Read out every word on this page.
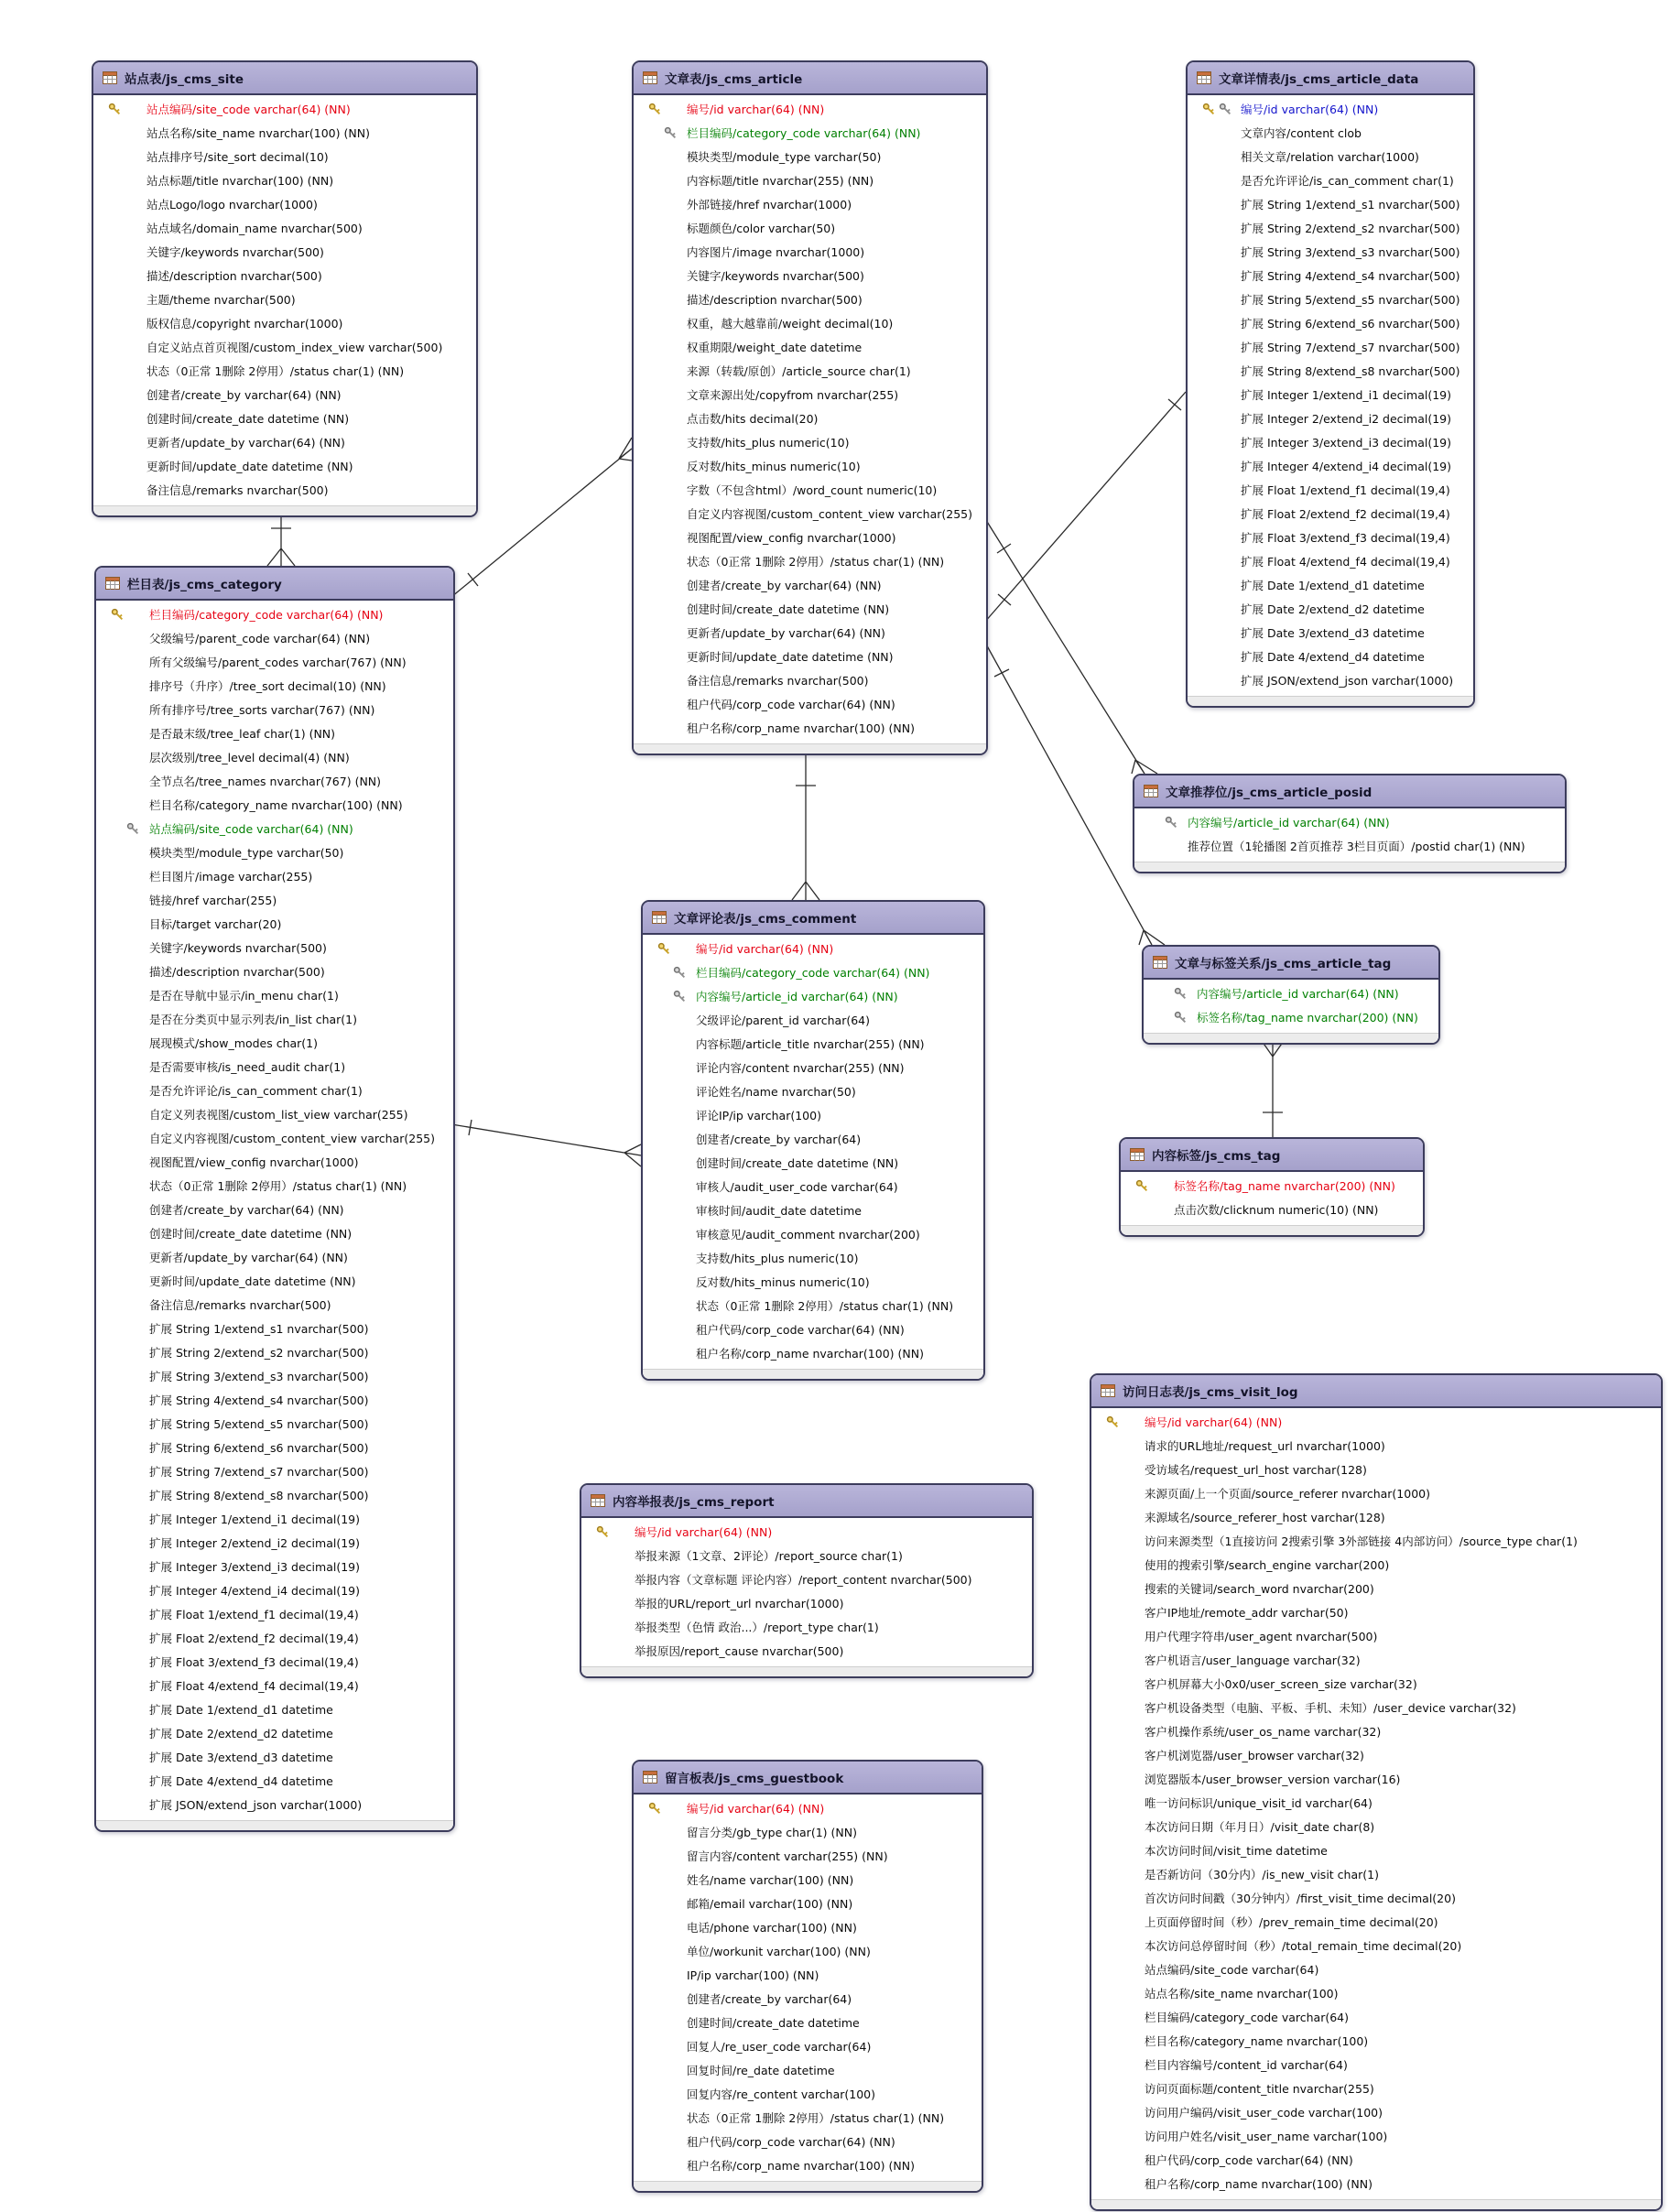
站点表/js_cms_site
站点编码/site_code varchar(64) (NN)
站点名称/site_name nvarchar(100) (NN)
站点排序号/site_sort decimal(10)
站点标题/title nvarchar(100) (NN)
站点Logo/logo nvarchar(1000)
站点域名/domain_name nvarchar(500)
关键字/keywords nvarchar(500)
描述/description nvarchar(500)
主题/theme nvarchar(500)
版权信息/copyright nvarchar(1000)
自定义站点首页视图/custom_index_view varchar(500)
状态（0正常 1删除 2停用）/status char(1) (NN)
创建者/create_by varchar(64) (NN)
创建时间/create_date datetime (NN)
更新者/update_by varchar(64) (NN)
更新时间/update_date datetime (NN)
备注信息/remarks nvarchar(500)
文章表/js_cms_article
编号/id varchar(64) (NN)
栏目编码/category_code varchar(64) (NN)
模块类型/module_type varchar(50)
内容标题/title nvarchar(255) (NN)
外部链接/href nvarchar(1000)
标题颜色/color varchar(50)
内容图片/image nvarchar(1000)
关键字/keywords nvarchar(500)
描述/description nvarchar(500)
权重，越大越靠前/weight decimal(10)
权重期限/weight_date datetime
来源（转载/原创）/article_source char(1)
文章来源出处/copyfrom nvarchar(255)
点击数/hits decimal(20)
支持数/hits_plus numeric(10)
反对数/hits_minus numeric(10)
字数（不包含html）/word_count numeric(10)
自定义内容视图/custom_content_view varchar(255)
视图配置/view_config nvarchar(1000)
状态（0正常 1删除 2停用）/status char(1) (NN)
创建者/create_by varchar(64) (NN)
创建时间/create_date datetime (NN)
更新者/update_by varchar(64) (NN)
更新时间/update_date datetime (NN)
备注信息/remarks nvarchar(500)
租户代码/corp_code varchar(64) (NN)
租户名称/corp_name nvarchar(100) (NN)
文章详情表/js_cms_article_data
编号/id varchar(64) (NN)
文章内容/content clob
相关文章/relation varchar(1000)
是否允许评论/is_can_comment char(1)
扩展 String 1/extend_s1 nvarchar(500)
扩展 String 2/extend_s2 nvarchar(500)
扩展 String 3/extend_s3 nvarchar(500)
扩展 String 4/extend_s4 nvarchar(500)
扩展 String 5/extend_s5 nvarchar(500)
扩展 String 6/extend_s6 nvarchar(500)
扩展 String 7/extend_s7 nvarchar(500)
扩展 String 8/extend_s8 nvarchar(500)
扩展 Integer 1/extend_i1 decimal(19)
扩展 Integer 2/extend_i2 decimal(19)
扩展 Integer 3/extend_i3 decimal(19)
扩展 Integer 4/extend_i4 decimal(19)
扩展 Float 1/extend_f1 decimal(19,4)
扩展 Float 2/extend_f2 decimal(19,4)
扩展 Float 3/extend_f3 decimal(19,4)
扩展 Float 4/extend_f4 decimal(19,4)
扩展 Date 1/extend_d1 datetime
扩展 Date 2/extend_d2 datetime
扩展 Date 3/extend_d3 datetime
扩展 Date 4/extend_d4 datetime
扩展 JSON/extend_json varchar(1000)
栏目表/js_cms_category
栏目编码/category_code varchar(64) (NN)
父级编号/parent_code varchar(64) (NN)
所有父级编号/parent_codes varchar(767) (NN)
排序号（升序）/tree_sort decimal(10) (NN)
所有排序号/tree_sorts varchar(767) (NN)
是否最末级/tree_leaf char(1) (NN)
层次级别/tree_level decimal(4) (NN)
全节点名/tree_names nvarchar(767) (NN)
栏目名称/category_name nvarchar(100) (NN)
站点编码/site_code varchar(64) (NN)
模块类型/module_type varchar(50)
栏目图片/image varchar(255)
链接/href varchar(255)
目标/target varchar(20)
关键字/keywords nvarchar(500)
描述/description nvarchar(500)
是否在导航中显示/in_menu char(1)
是否在分类页中显示列表/in_list char(1)
展现模式/show_modes char(1)
是否需要审核/is_need_audit char(1)
是否允许评论/is_can_comment char(1)
自定义列表视图/custom_list_view varchar(255)
自定义内容视图/custom_content_view varchar(255)
视图配置/view_config nvarchar(1000)
状态（0正常 1删除 2停用）/status char(1) (NN)
创建者/create_by varchar(64) (NN)
创建时间/create_date datetime (NN)
更新者/update_by varchar(64) (NN)
更新时间/update_date datetime (NN)
备注信息/remarks nvarchar(500)
扩展 String 1/extend_s1 nvarchar(500)
扩展 String 2/extend_s2 nvarchar(500)
扩展 String 3/extend_s3 nvarchar(500)
扩展 String 4/extend_s4 nvarchar(500)
扩展 String 5/extend_s5 nvarchar(500)
扩展 String 6/extend_s6 nvarchar(500)
扩展 String 7/extend_s7 nvarchar(500)
扩展 String 8/extend_s8 nvarchar(500)
扩展 Integer 1/extend_i1 decimal(19)
扩展 Integer 2/extend_i2 decimal(19)
扩展 Integer 3/extend_i3 decimal(19)
扩展 Integer 4/extend_i4 decimal(19)
扩展 Float 1/extend_f1 decimal(19,4)
扩展 Float 2/extend_f2 decimal(19,4)
扩展 Float 3/extend_f3 decimal(19,4)
扩展 Float 4/extend_f4 decimal(19,4)
扩展 Date 1/extend_d1 datetime
扩展 Date 2/extend_d2 datetime
扩展 Date 3/extend_d3 datetime
扩展 Date 4/extend_d4 datetime
扩展 JSON/extend_json varchar(1000)
文章推荐位/js_cms_article_posid
内容编号/article_id varchar(64) (NN)
推荐位置（1轮播图 2首页推荐 3栏目页面）/postid char(1) (NN)
文章与标签关系/js_cms_article_tag
内容编号/article_id varchar(64) (NN)
标签名称/tag_name nvarchar(200) (NN)
内容标签/js_cms_tag
标签名称/tag_name nvarchar(200) (NN)
点击次数/clicknum numeric(10) (NN)
文章评论表/js_cms_comment
编号/id varchar(64) (NN)
栏目编码/category_code varchar(64) (NN)
内容编号/article_id varchar(64) (NN)
父级评论/parent_id varchar(64)
内容标题/article_title nvarchar(255) (NN)
评论内容/content nvarchar(255) (NN)
评论姓名/name nvarchar(50)
评论IP/ip varchar(100)
创建者/create_by varchar(64)
创建时间/create_date datetime (NN)
审核人/audit_user_code varchar(64)
审核时间/audit_date datetime
审核意见/audit_comment nvarchar(200)
支持数/hits_plus numeric(10)
反对数/hits_minus numeric(10)
状态（0正常 1删除 2停用）/status char(1) (NN)
租户代码/corp_code varchar(64) (NN)
租户名称/corp_name nvarchar(100) (NN)
内容举报表/js_cms_report
编号/id varchar(64) (NN)
举报来源（1文章、2评论）/report_source char(1)
举报内容（文章标题 评论内容）/report_content nvarchar(500)
举报的URL/report_url nvarchar(1000)
举报类型（色情 政治...）/report_type char(1)
举报原因/report_cause nvarchar(500)
留言板表/js_cms_guestbook
编号/id varchar(64) (NN)
留言分类/gb_type char(1) (NN)
留言内容/content varchar(255) (NN)
姓名/name varchar(100) (NN)
邮箱/email varchar(100) (NN)
电话/phone varchar(100) (NN)
单位/workunit varchar(100) (NN)
IP/ip varchar(100) (NN)
创建者/create_by varchar(64)
创建时间/create_date datetime
回复人/re_user_code varchar(64)
回复时间/re_date datetime
回复内容/re_content varchar(100)
状态（0正常 1删除 2停用）/status char(1) (NN)
租户代码/corp_code varchar(64) (NN)
租户名称/corp_name nvarchar(100) (NN)
访问日志表/js_cms_visit_log
编号/id varchar(64) (NN)
请求的URL地址/request_url nvarchar(1000)
受访域名/request_url_host varchar(128)
来源页面/上一个页面/source_referer nvarchar(1000)
来源域名/source_referer_host varchar(128)
访问来源类型（1直接访问 2搜索引擎 3外部链接 4内部访问）/source_type char(1)
使用的搜索引擎/search_engine varchar(200)
搜索的关键词/search_word nvarchar(200)
客户IP地址/remote_addr varchar(50)
用户代理字符串/user_agent nvarchar(500)
客户机语言/user_language varchar(32)
客户机屏幕大小0x0/user_screen_size varchar(32)
客户机设备类型（电脑、平板、手机、未知）/user_device varchar(32)
客户机操作系统/user_os_name varchar(32)
客户机浏览器/user_browser varchar(32)
浏览器版本/user_browser_version varchar(16)
唯一访问标识/unique_visit_id varchar(64)
本次访问日期（年月日）/visit_date char(8)
本次访问时间/visit_time datetime
是否新访问（30分内）/is_new_visit char(1)
首次访问时间戳（30分钟内）/first_visit_time decimal(20)
上页面停留时间（秒）/prev_remain_time decimal(20)
本次访问总停留时间（秒）/total_remain_time decimal(20)
站点编码/site_code varchar(64)
站点名称/site_name nvarchar(100)
栏目编码/category_code varchar(64)
栏目名称/category_name nvarchar(100)
栏目内容编号/content_id varchar(64)
访问页面标题/content_title nvarchar(255)
访问用户编码/visit_user_code varchar(100)
访问用户姓名/visit_user_name varchar(100)
租户代码/corp_code varchar(64) (NN)
租户名称/corp_name nvarchar(100) (NN)
